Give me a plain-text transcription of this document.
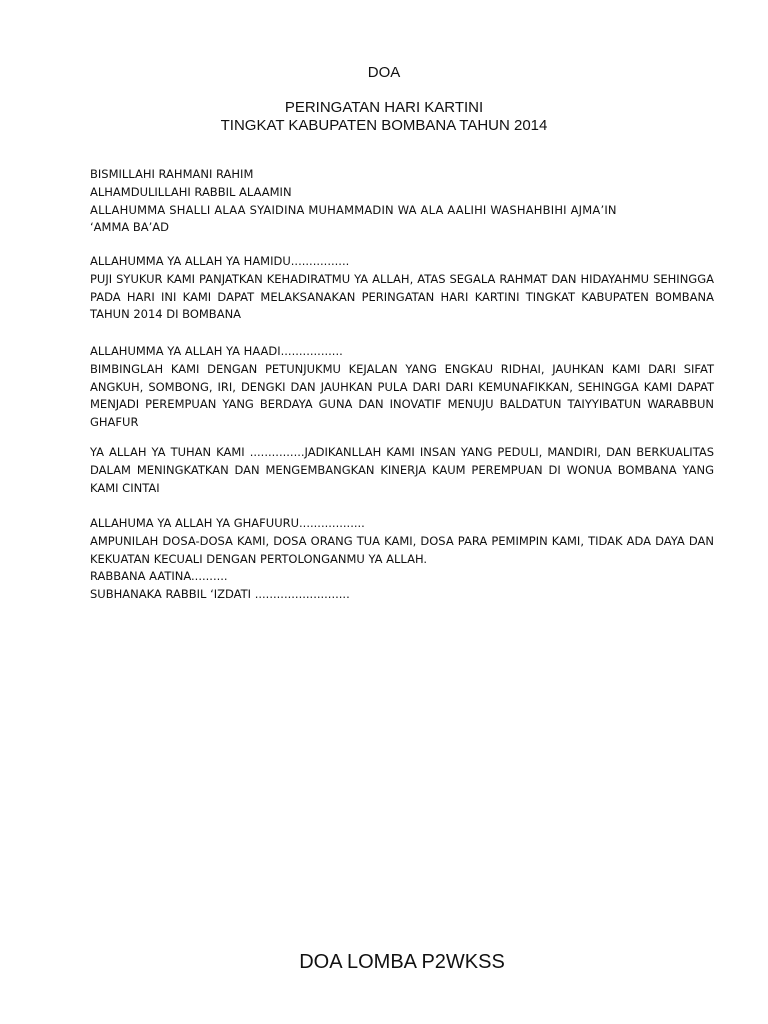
DOA
PERINGATAN HARI KARTINI
TINGKAT KABUPATEN BOMBANA TAHUN 2014
BISMILLAHI RAHMANI RAHIM
ALHAMDULILLAHI RABBIL ALAAMIN
ALLAHUMMA SHALLI ALAA SYAIDINA MUHAMMADIN WA ALA AALIHI WASHAHBIHI AJMA’IN
‘AMMA BA’AD
ALLAHUMMA YA ALLAH YA HAMIDU................
PUJI SYUKUR KAMI PANJATKAN KEHADIRATMU YA ALLAH, ATAS SEGALA RAHMAT DAN HIDAYAHMU SEHINGGA PADA HARI INI KAMI DAPAT MELAKSANAKAN PERINGATAN HARI KARTINI TINGKAT KABUPATEN BOMBANA TAHUN 2014 DI BOMBANA
ALLAHUMMA YA ALLAH YA HAADI.................
BIMBINGLAH KAMI DENGAN PETUNJUKMU KEJALAN YANG ENGKAU RIDHAI, JAUHKAN KAMI DARI SIFAT ANGKUH, SOMBONG, IRI, DENGKI DAN JAUHKAN PULA DARI DARI KEMUNAFIKKAN, SEHINGGA KAMI DAPAT MENJADI PEREMPUAN YANG BERDAYA GUNA DAN INOVATIF MENUJU BALDATUN TAIYYIBATUN WARABBUN GHAFUR
YA ALLAH YA TUHAN KAMI ...............JADIKANLLAH KAMI INSAN YANG PEDULI, MANDIRI, DAN BERKUALITAS DALAM MENINGKATKAN DAN MENGEMBANGKAN KINERJA KAUM PEREMPUAN DI WONUA BOMBANA YANG KAMI CINTAI
ALLAHUMA YA ALLAH YA GHAFUURU..................
AMPUNILAH DOSA-DOSA KAMI, DOSA ORANG TUA KAMI, DOSA PARA PEMIMPIN KAMI, TIDAK ADA DAYA DAN KEKUATAN KECUALI DENGAN PERTOLONGANMU YA ALLAH.
RABBANA AATINA..........
SUBHANAKA RABBIL ‘IZDATI ..........................
DOA LOMBA P2WKSS
